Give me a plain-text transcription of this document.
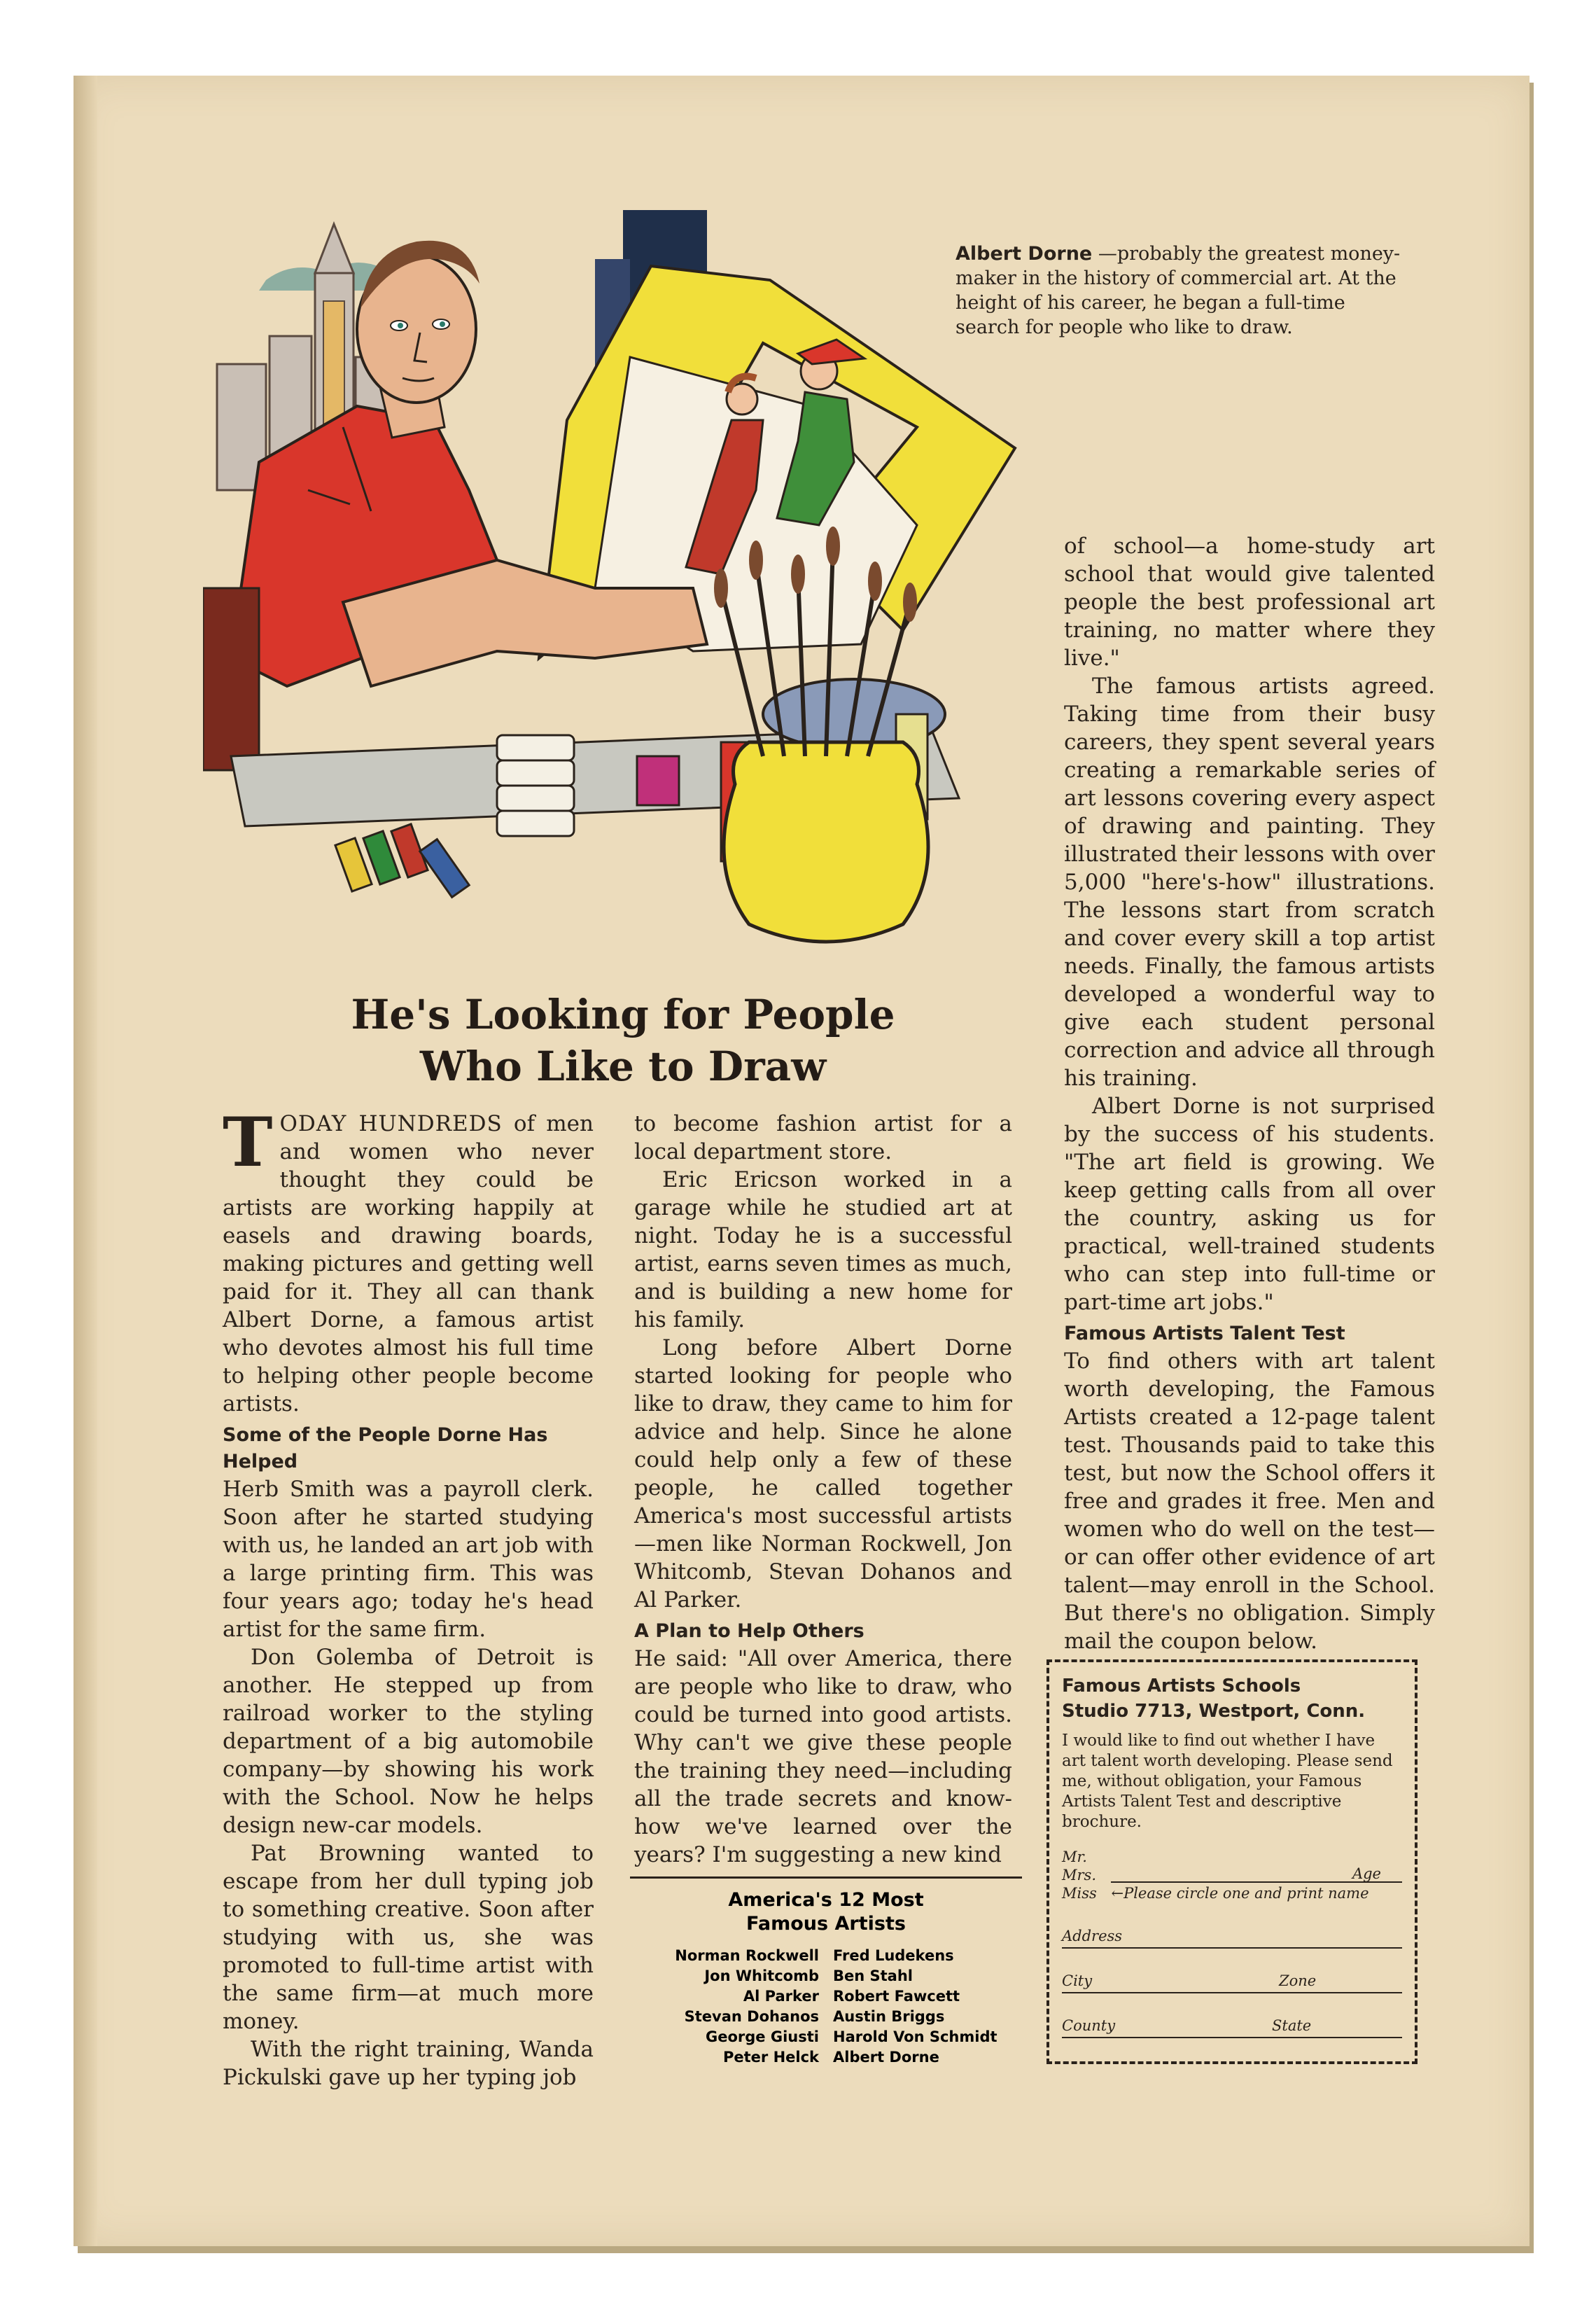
Albert Dorne —probably the greatest money-maker in the history of commercial art. At the height of his career, he began a full-time search for people who like to draw.
He's Looking for People
Who Like to Draw

TODAY HUNDREDS of men and women who never thought they could be artists are working happily at easels and drawing boards, making pictures and getting well paid for it. They all can thank Albert Dorne, a famous artist who devotes almost his full time to helping other people become artists.

Some of the People Dorne Has Helped

Herb Smith was a payroll clerk. Soon after he started studying with us, he landed an art job with a large printing firm. This was four years ago; today he's head artist for the same firm.

Don Golemba of Detroit is another. He stepped up from railroad worker to the styling department of a big automobile company—by showing his work with the School. Now he helps design new-car models.

Pat Browning wanted to escape from her dull typing job to something creative. Soon after studying with us, she was promoted to full-time artist with the same firm—at much more money.

With the right training, Wanda Pickulski gave up her typing job

to become fashion artist for a local department store.

Eric Ericson worked in a garage while he studied art at night. Today he is a successful artist, earns seven times as much, and is building a new home for his family.

Long before Albert Dorne started looking for people who like to draw, they came to him for advice and help. Since he alone could help only a few of these people, he called together America's most successful artists—men like Norman Rockwell, Jon Whitcomb, Stevan Dohanos and Al Parker.

A Plan to Help Others

He said: "All over America, there are people who like to draw, who could be turned into good artists. Why can't we give these people the training they need—including all the trade secrets and know-how we've learned over the years? I'm suggesting a new kind

of school—a home-study art school that would give talented people the best professional art training, no matter where they live."

The famous artists agreed. Taking time from their busy careers, they spent several years creating a remarkable series of art lessons covering every aspect of drawing and painting. They illustrated their lessons with over 5,000 "here's-how" illustrations. The lessons start from scratch and cover every skill a top artist needs. Finally, the famous artists developed a wonderful way to give each student personal correction and advice all through his training.

Albert Dorne is not surprised by the success of his students. "The art field is growing. We keep getting calls from all over the country, asking us for practical, well-trained students who can step into full-time or part-time art jobs."

Famous Artists Talent Test

To find others with art talent worth developing, the Famous Artists created a 12-page talent test. Thousands paid to take this test, but now the School offers it free and grades it free. Men and women who do well on the test—or can offer other evidence of art talent—may enroll in the School. But there's no obligation. Simply mail the coupon below.

America's 12 Most
Famous Artists
Norman Rockwell Fred Ludekens
Jon Whitcomb Ben Stahl
Al Parker Robert Fawcett
Stevan Dohanos Austin Briggs
George Giusti Harold Von Schmidt
Peter Helck Albert Dorne
Famous Artists Schools
Studio 7713, Westport, Conn.
I would like to find out whether I have art talent worth developing. Please send me, without obligation, your Famous Artists Talent Test and descriptive brochure.
Mr.
Mrs.
Miss ←Please circle one and print name
Age
Address
City	Zone
County	State
